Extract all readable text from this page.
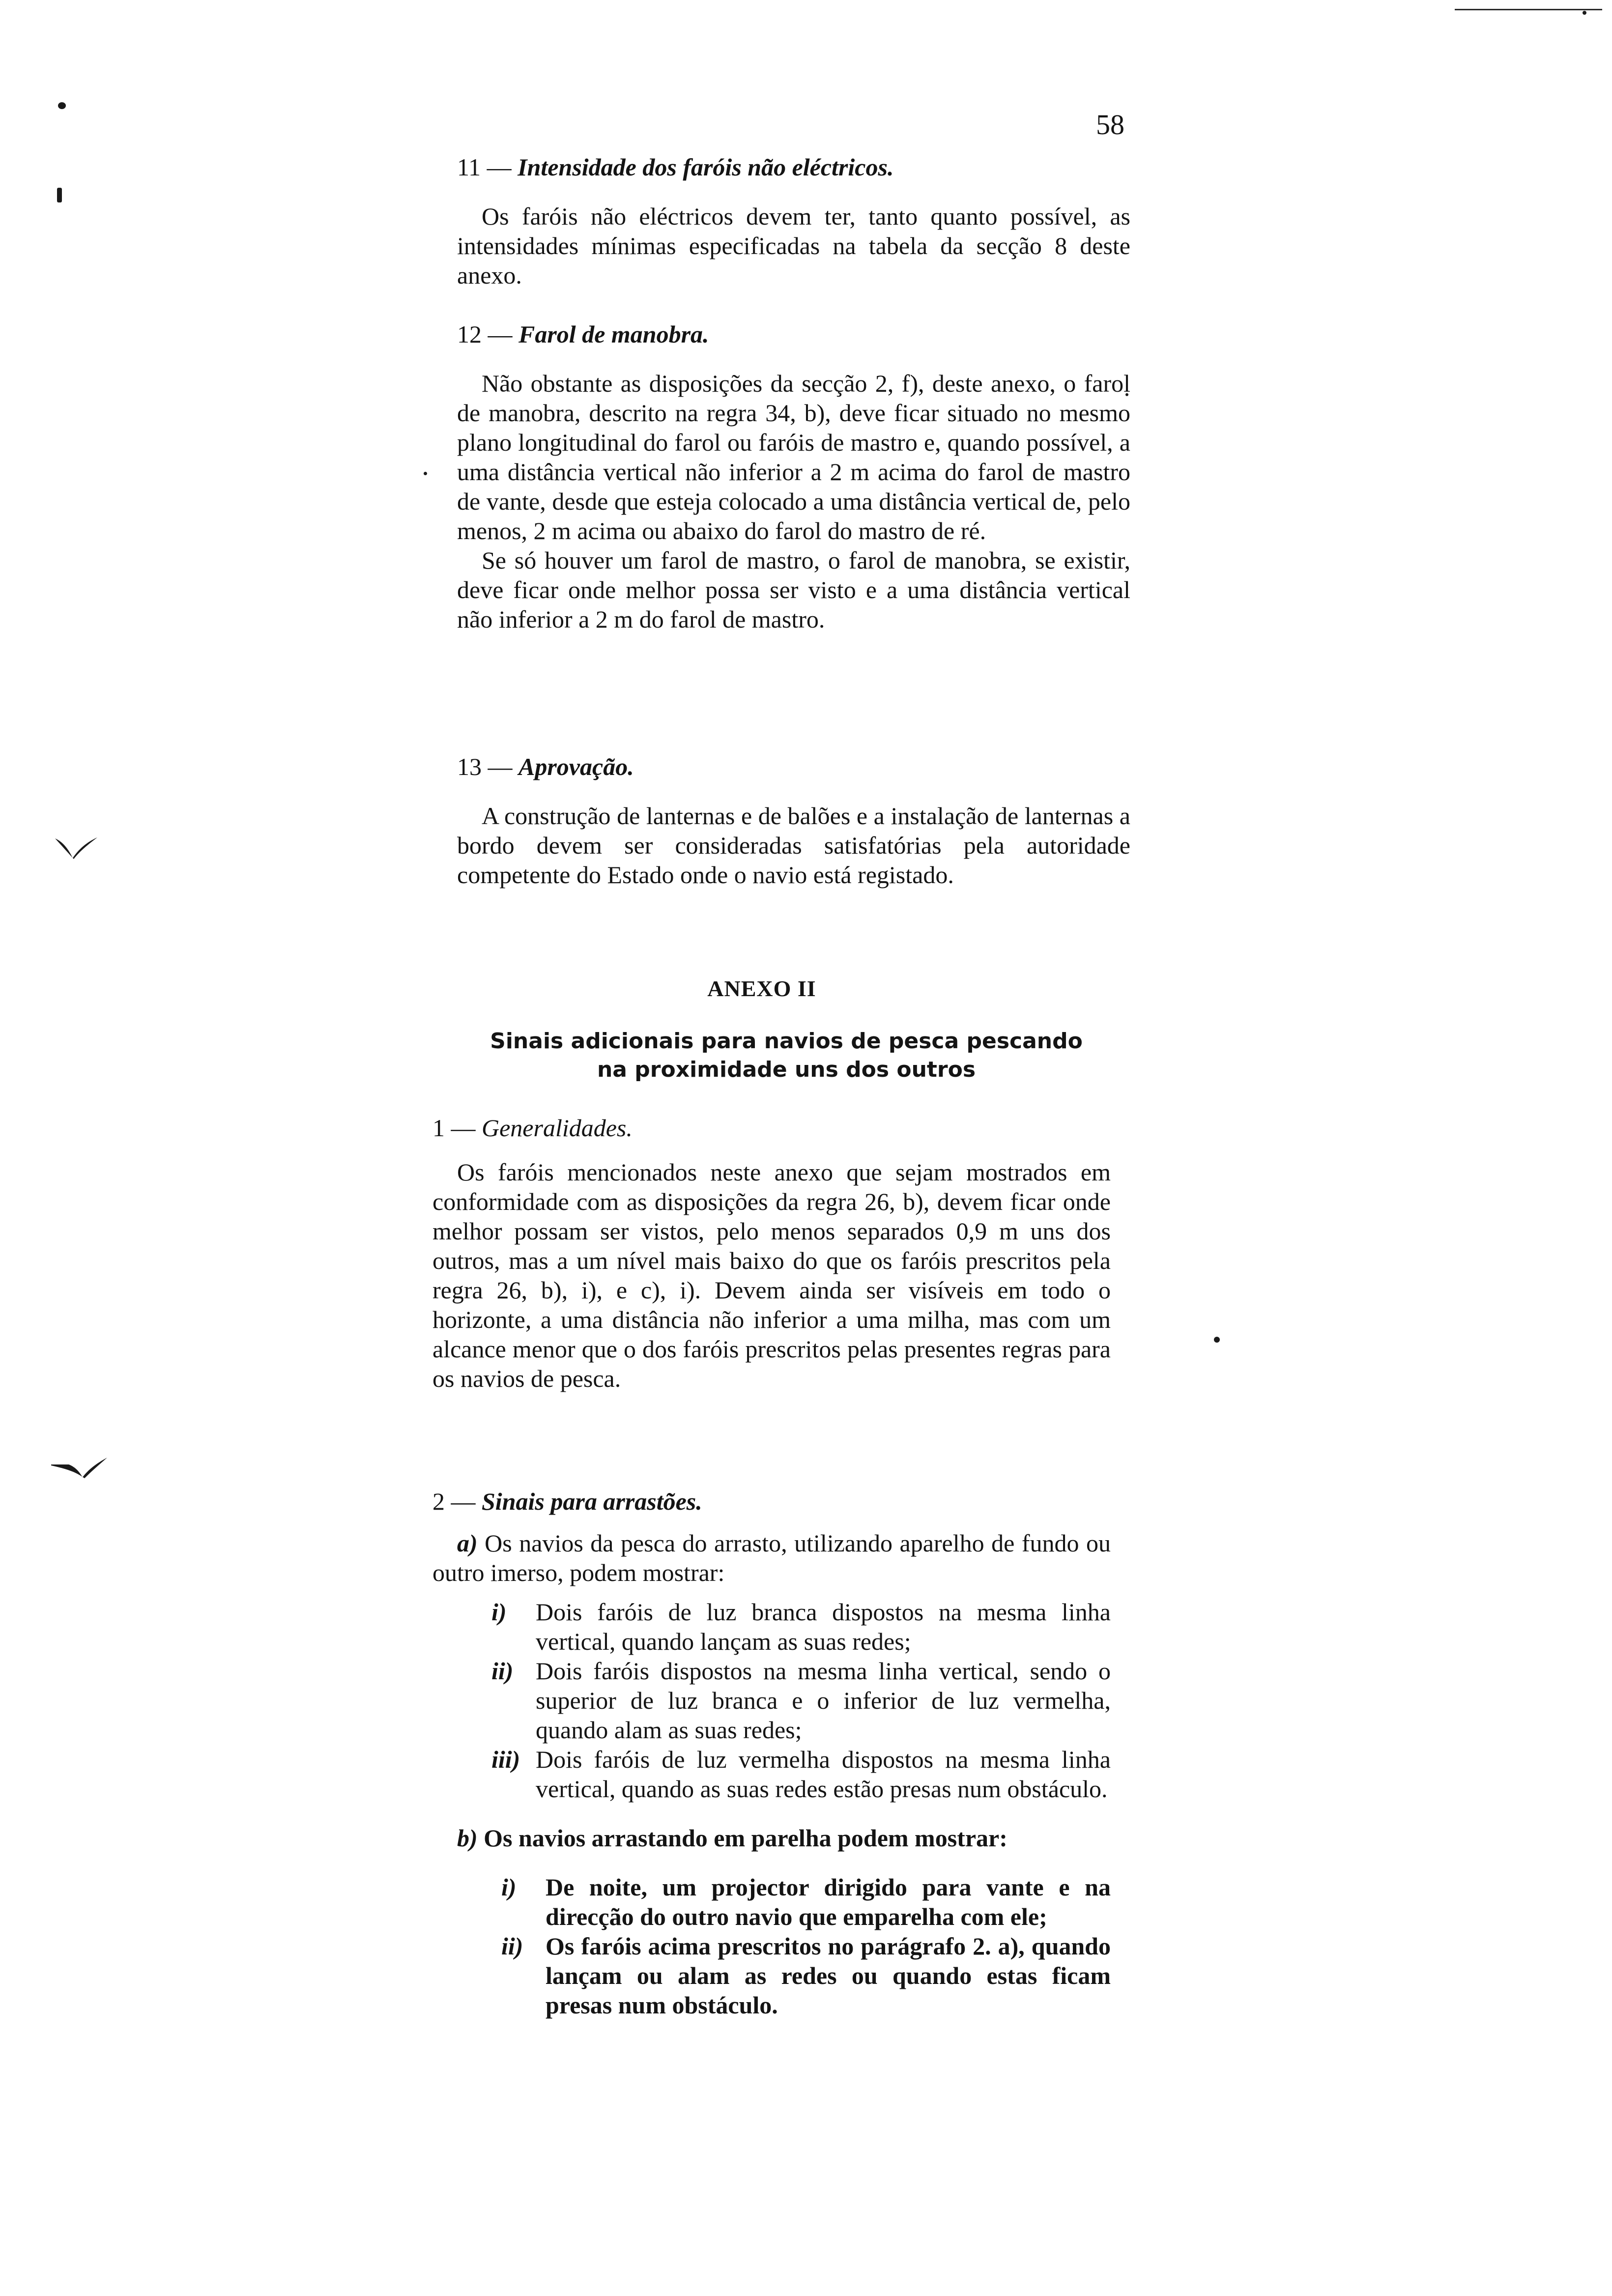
58

11 — Intensidade dos faróis não eléctricos.

Os faróis não eléctricos devem ter, tanto quanto possível, as intensidades mínimas especificadas na tabela da secção 8 deste anexo.

12 — Farol de manobra.

Não obstante as disposições da secção 2, f), deste anexo, o farol de manobra, descrito na regra 34, b), deve ficar situado no mesmo plano longitudinal do farol ou faróis de mastro e, quando possível, a uma distância vertical não inferior a 2 m acima do farol de mastro de vante, desde que esteja colocado a uma distância vertical de, pelo menos, 2 m acima ou abaixo do farol do mastro de ré.

Se só houver um farol de mastro, o farol de manobra, se existir, deve ficar onde melhor possa ser visto e a uma distância vertical não inferior a 2 m do farol de mastro.

13 — Aprovação.

A construção de lanternas e de balões e a instalação de lanternas a bordo devem ser consideradas satisfatórias pela autoridade competente do Estado onde o navio está registado.

ANEXO II
Sinais adicionais para navios de pesca pescando
na proximidade uns dos outros

1 — Generalidades.

Os faróis mencionados neste anexo que sejam mostrados em conformidade com as disposições da regra 26, b), devem ficar onde melhor possam ser vistos, pelo menos separados 0,9 m uns dos outros, mas a um nível mais baixo do que os faróis prescritos pela regra 26, b), i), e c), i). Devem ainda ser visíveis em todo o horizonte, a uma distância não inferior a uma milha, mas com um alcance menor que o dos faróis prescritos pelas presentes regras para os navios de pesca.

2 — Sinais para arrastões.

a) Os navios da pesca do arrasto, utilizando aparelho de fundo ou outro imerso, podem mostrar:

i) Dois faróis de luz branca dispostos na mesma linha vertical, quando lançam as suas redes;

ii) Dois faróis dispostos na mesma linha vertical, sendo o superior de luz branca e o inferior de luz vermelha, quando alam as suas redes;

iii) Dois faróis de luz vermelha dispostos na mesma linha vertical, quando as suas redes estão presas num obstáculo.

b) Os navios arrastando em parelha podem mostrar:

i) De noite, um projector dirigido para vante e na direcção do outro navio que emparelha com ele;

ii) Os faróis acima prescritos no parágrafo 2. a), quando lançam ou alam as redes ou quando estas ficam presas num obstáculo.
